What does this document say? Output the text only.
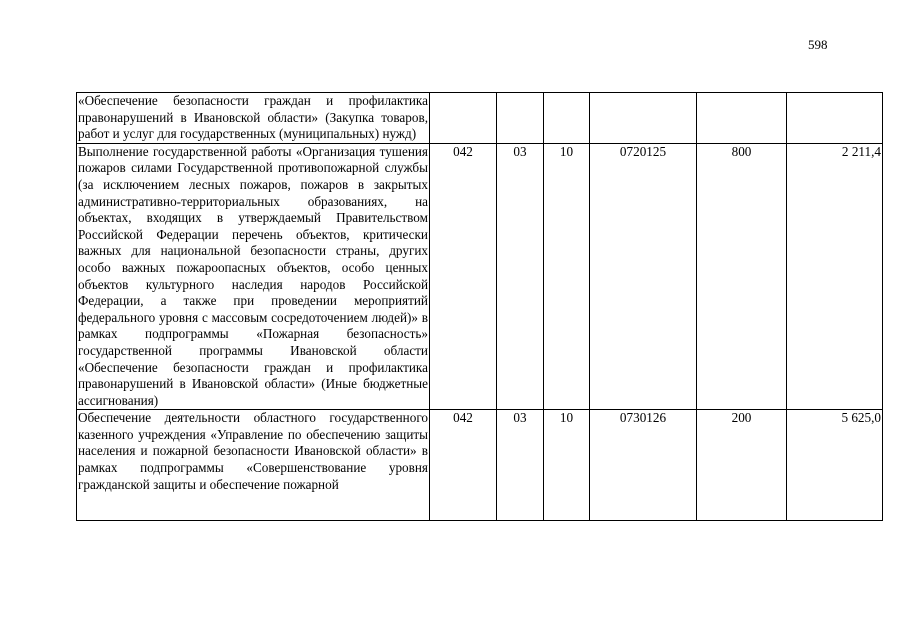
598
«Обеспечение безопасности граждан и профилактика правонарушений в Ивановской области» (Закупка товаров, работ и услуг для государственных (муниципальных) нужд)						
Выполнение государственной работы «Организация тушения пожаров силами Государственной противопожарной службы (за исключением лесных пожаров, пожаров в закрытых административно-территориальных образованиях, на объектах, входящих в утверждаемый Правительством Российской Федерации перечень объектов, критически важных для национальной безопасности страны, других особо важных пожароопасных объектов, особо ценных объектов культурного наследия народов Российской Федерации, а также при проведении мероприятий федерального уровня с массовым сосредоточением людей)» в рамках подпрограммы «Пожарная безопасность» государственной программы Ивановской области «Обеспечение безопасности граждан и профилактика правонарушений в Ивановской области» (Иные бюджетные ассигнования)	042	03	10	0720125	800	2 211,4

Обеспечение деятельности областного государственного казенного учреждения «Управление по обеспечению защиты населения и пожарной безопасности Ивановской области» в рамках подпрограммы «Совершенствование уровня гражданской защиты и обеспечение пожарной	042	03	10	0730126	200	5 625,0
